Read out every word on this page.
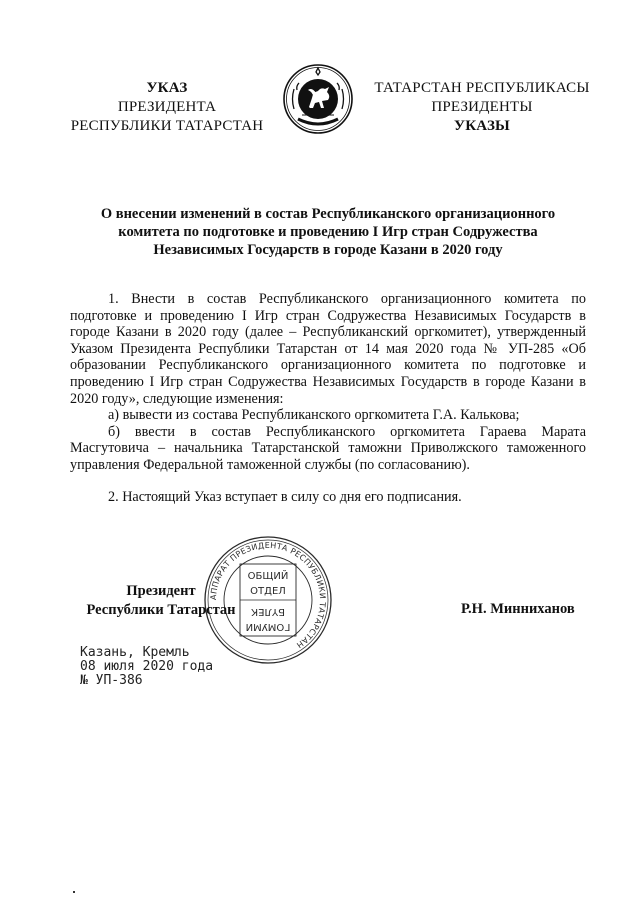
УКАЗ
ПРЕЗИДЕНТА
РЕСПУБЛИКИ ТАТАРСТАН
ТАТАРСТАН РЕСПУБЛИКАСЫ
ПРЕЗИДЕНТЫ
УКАЗЫ
О внесении изменений в состав Республиканского организационного
комитета по подготовке и проведению I Игр стран Содружества
Независимых Государств в городе Казани в 2020 году

1. Внести в состав Республиканского организационного комитета по подготовке и проведению I Игр стран Содружества Независимых Государств в городе Казани в 2020 году (далее – Республиканский оргкомитет), утвержденный Указом Президента Республики Татарстан от 14 мая 2020 года № УП-285 «Об образовании Республиканского организационного комитета по подготовке и проведению I Игр стран Содружества Независимых Государств в городе Казани в 2020 году», следующие изменения:

а) вывести из состава Республиканского оргкомитета Г.А. Калькова;

б) ввести в состав Республиканского оргкомитета Гараева Марата Масгутовича – начальника Татарстанской таможни Приволжского таможенного управления Федеральной таможенной службы (по согласованию).

2. Настоящий Указ вступает в силу со дня его подписания.

АППАРАТ ПРЕЗИДЕНТА РЕСПУБЛИКИ ТАТАРСТАН
ОБЩИЙ
ОТДЕЛ
ГОМУМИ
БҮЛЕК
Президент
Республики Татарстан	Р.Н. Минниханов
Казань, Кремль
08 июля 2020 года
№ УП-386
